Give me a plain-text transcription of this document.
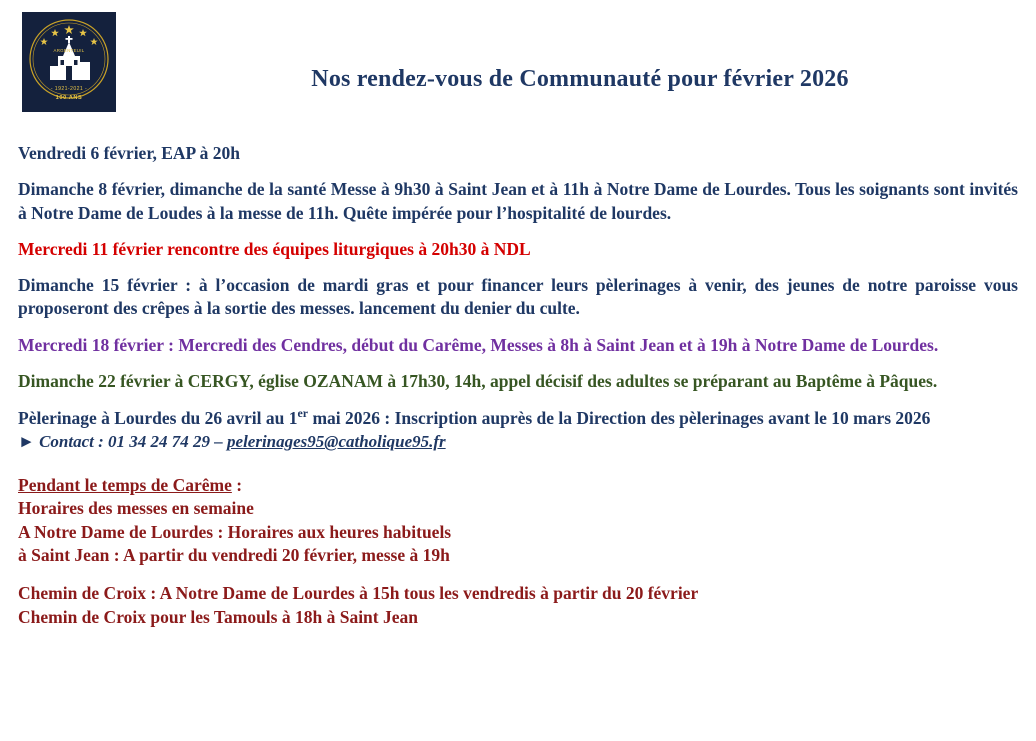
- 1921-2021 -
100 ANS
ARGENTEUIL
Nos rendez-vous de Communauté pour février 2026

Vendredi 6 février, EAP à 20h

Dimanche 8 février, dimanche de la santé Messe à 9h30 à Saint Jean et à 11h à Notre Dame de Lourdes. Tous les soignants sont invités à Notre Dame de Loudes à la messe de 11h. Quête impérée pour l’hospitalité de lourdes.

Mercredi 11 février rencontre des équipes liturgiques à 20h30 à NDL

Dimanche 15 février : à l’occasion de mardi gras et pour financer leurs pèlerinages à venir, des jeunes de notre paroisse vous proposeront des crêpes à la sortie des messes. lancement du denier du culte.

Mercredi 18 février : Mercredi des Cendres, début du Carême, Messes à 8h à Saint Jean et à 19h à Notre Dame de Lourdes.

Dimanche 22 février à CERGY, église OZANAM à 17h30, 14h, appel décisif des adultes se préparant au Baptême à Pâques.

Pèlerinage à Lourdes du 26 avril au 1er mai 2026 : Inscription auprès de la Direction des pèlerinages avant le 10 mars 2026

► Contact : 01 34 24 74 29 – pelerinages95@catholique95.fr

Pendant le temps de Carême :

Horaires des messes en semaine

A Notre Dame de Lourdes : Horaires aux heures habituels

à Saint Jean : A partir du vendredi 20 février, messe à 19h

Chemin de Croix : A Notre Dame de Lourdes à 15h tous les vendredis à partir du 20 février

Chemin de Croix pour les Tamouls à 18h à Saint Jean
